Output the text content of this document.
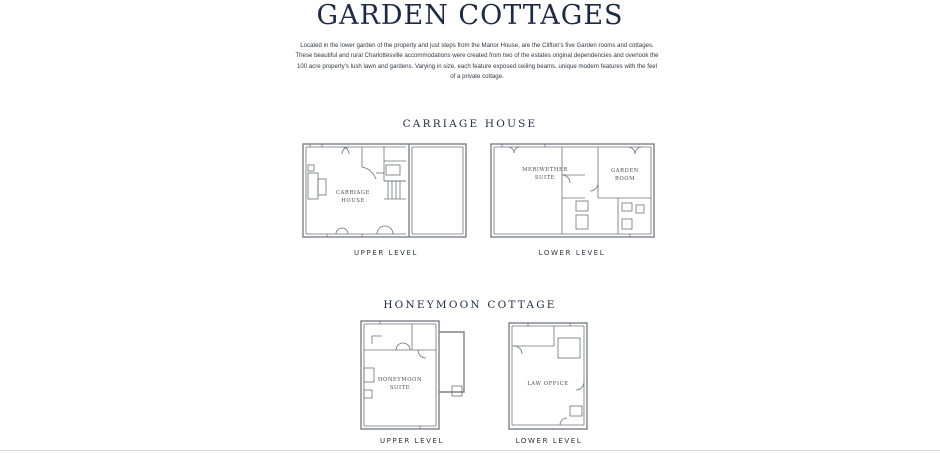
GARDEN COTTAGES
Located in the lower garden of the property and just steps from the Manor House, are the Clifton's five Garden rooms and cottages.
These beautiful and rural Charlottesville accommodations were created from two of the estates original dependencies and overlook the
100 acre property's lush lawn and gardens. Varying in size, each feature exposed ceiling beams, unique modern features with the feel
of a private cottage.
CARRIAGE HOUSE
CARRIAGE
HOUSE
UPPER LEVEL
MERIWETHER
SUITE
GARDEN
ROOM
LOWER LEVEL
HONEYMOON COTTAGE
HONEYMOON
SUITE
UPPER LEVEL
LAW OFFICE
LOWER LEVEL
